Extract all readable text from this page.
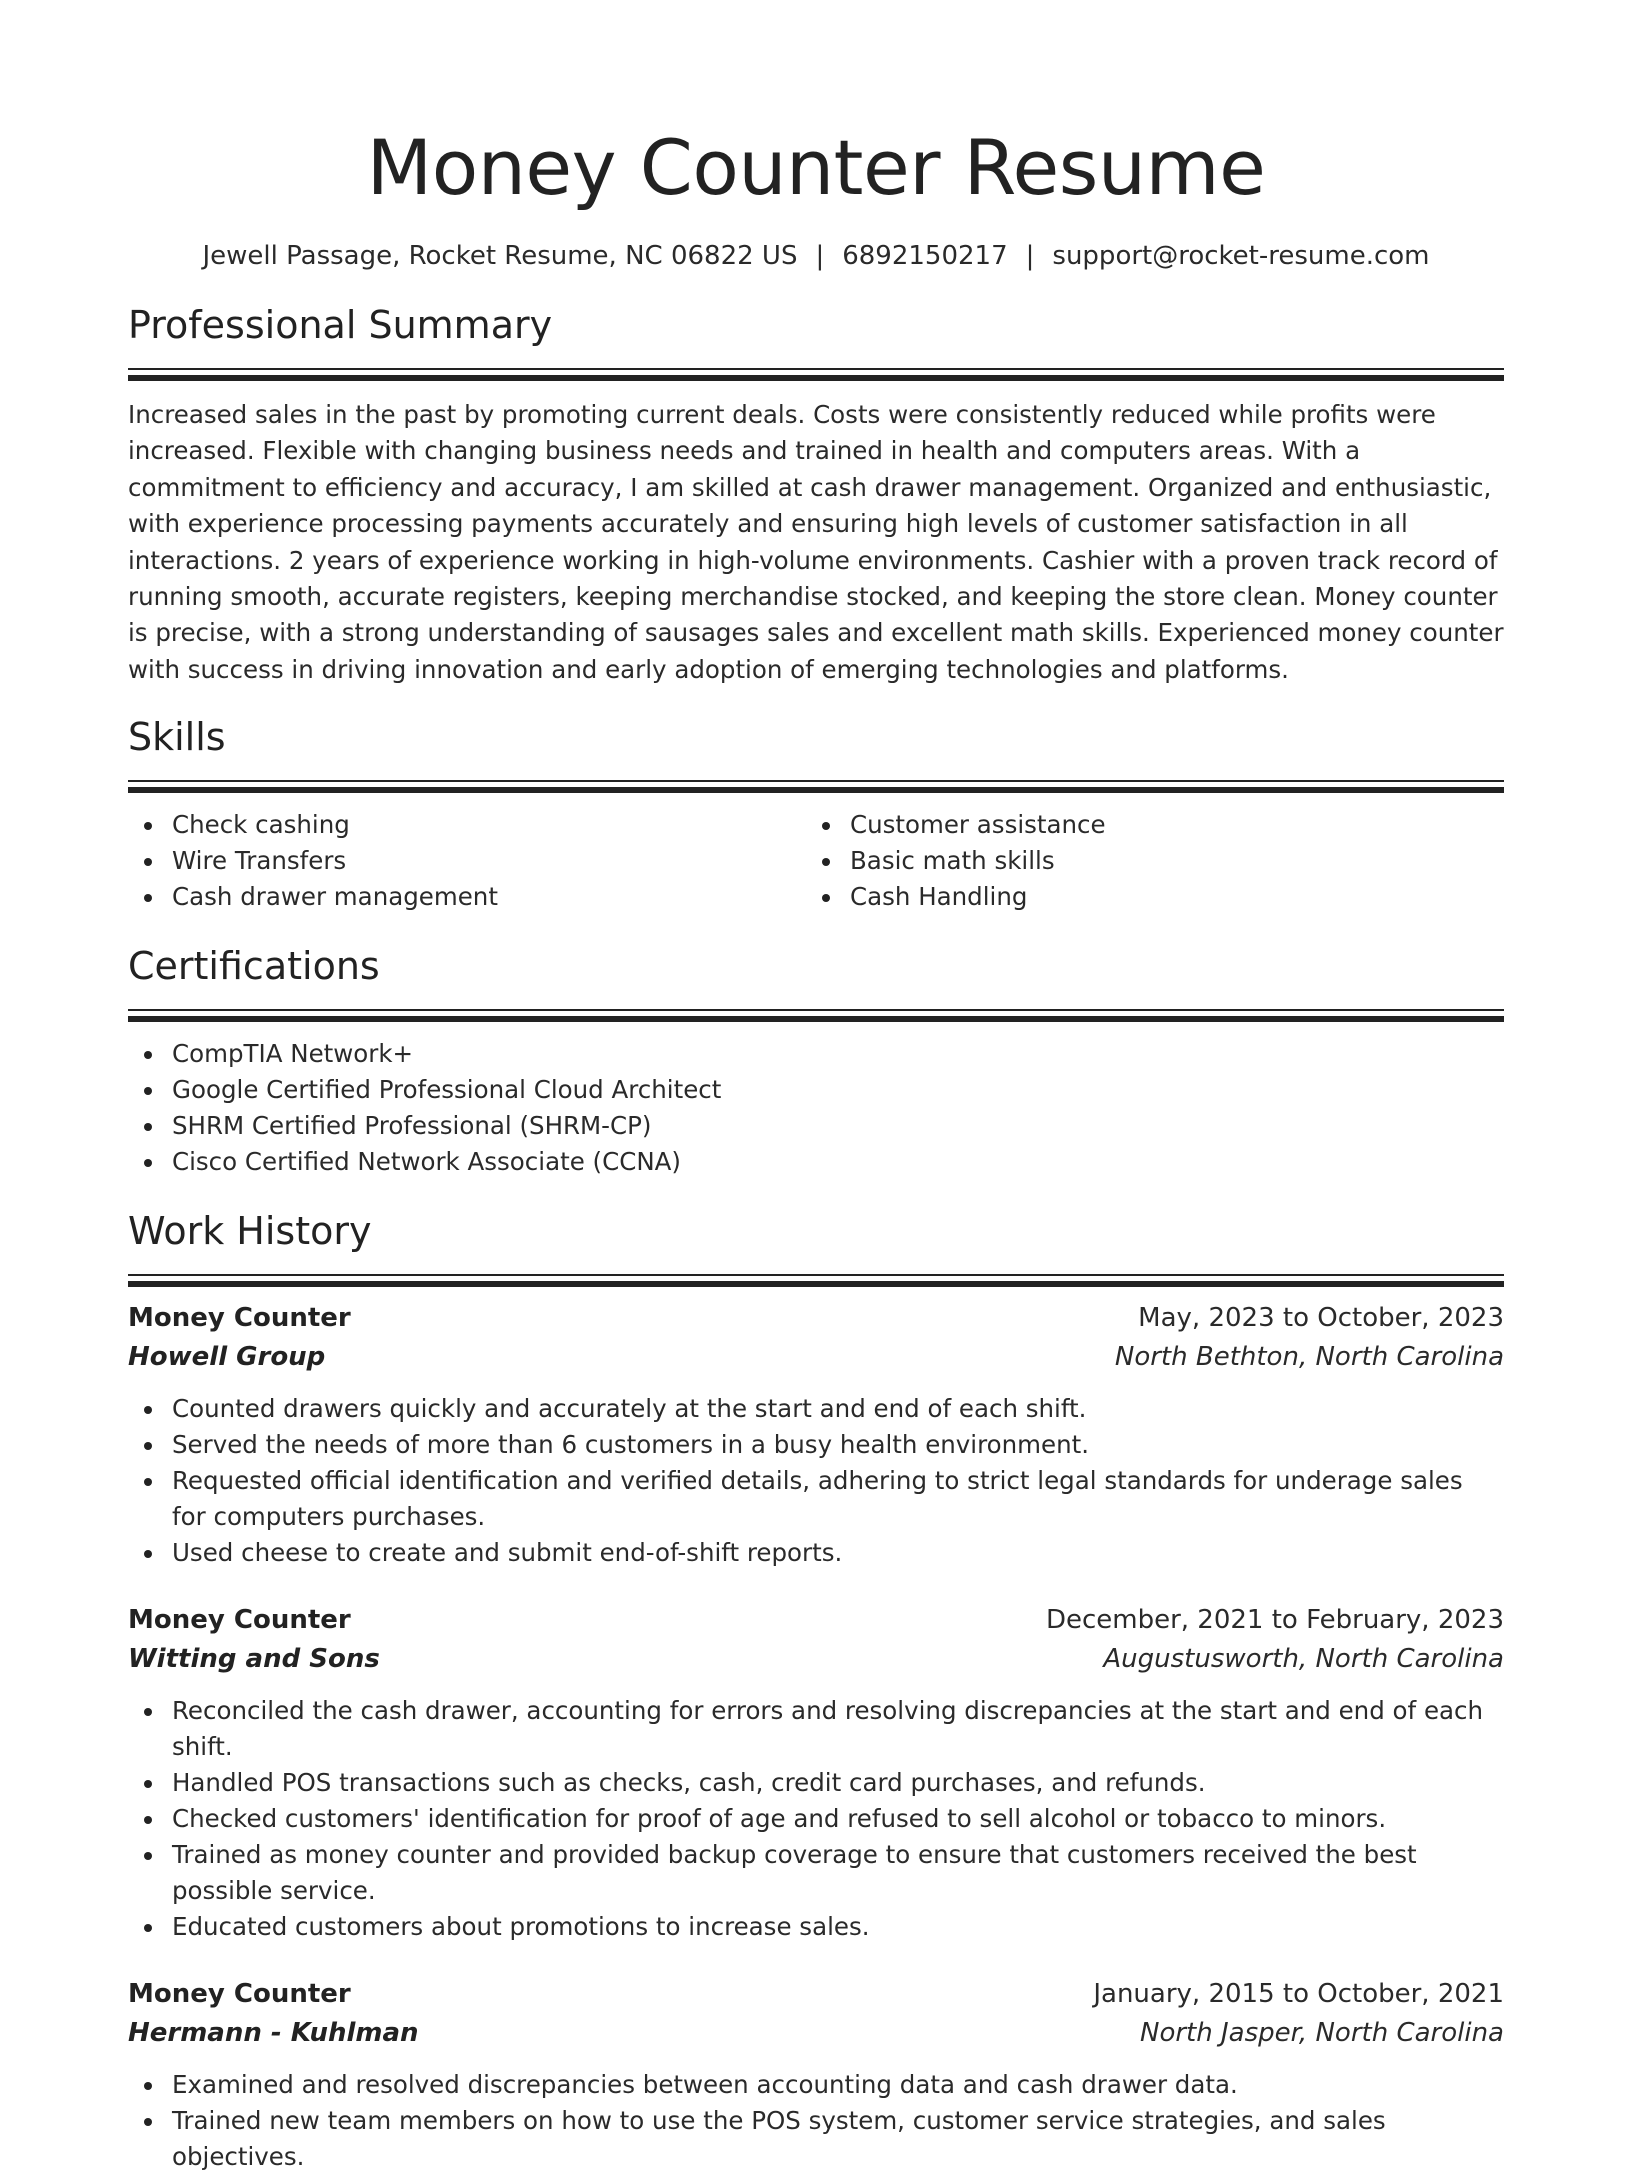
Money Counter Resume
Jewell Passage, Rocket Resume, NC 06822 US | 6892150217 | support@rocket-resume.com
Professional Summary

Increased sales in the past by promoting current deals. Costs were consistently reduced while profits were increased. Flexible with changing business needs and trained in health and computers areas. With a commitment to efficiency and accuracy, I am skilled at cash drawer management. Organized and enthusiastic, with experience processing payments accurately and ensuring high levels of customer satisfaction in all interactions. 2 years of experience working in high-volume environments. Cashier with a proven track record of running smooth, accurate registers, keeping merchandise stocked, and keeping the store clean. Money counter is precise, with a strong understanding of sausages sales and excellent math skills. Experienced money counter with success in driving innovation and early adoption of emerging technologies and platforms.

Skills
Check cashing
Wire Transfers
Cash drawer management
Customer assistance
Basic math skills
Cash Handling
Certifications
CompTIA Network+
Google Certified Professional Cloud Architect
SHRM Certified Professional (SHRM-CP)
Cisco Certified Network Associate (CCNA)
Work History
Money Counter	May, 2023 to October, 2023
Howell Group	North Bethton, North Carolina
Counted drawers quickly and accurately at the start and end of each shift.
Served the needs of more than 6 customers in a busy health environment.
Requested official identification and verified details, adhering to strict legal standards for underage sales for computers purchases.
Used cheese to create and submit end-of-shift reports.
Money Counter	December, 2021 to February, 2023
Witting and Sons	Augustusworth, North Carolina
Reconciled the cash drawer, accounting for errors and resolving discrepancies at the start and end of each shift.
Handled POS transactions such as checks, cash, credit card purchases, and refunds.
Checked customers' identification for proof of age and refused to sell alcohol or tobacco to minors.
Trained as money counter and provided backup coverage to ensure that customers received the best possible service.
Educated customers about promotions to increase sales.
Money Counter	January, 2015 to October, 2021
Hermann - Kuhlman	North Jasper, North Carolina
Examined and resolved discrepancies between accounting data and cash drawer data.
Trained new team members on how to use the POS system, customer service strategies, and sales objectives.
